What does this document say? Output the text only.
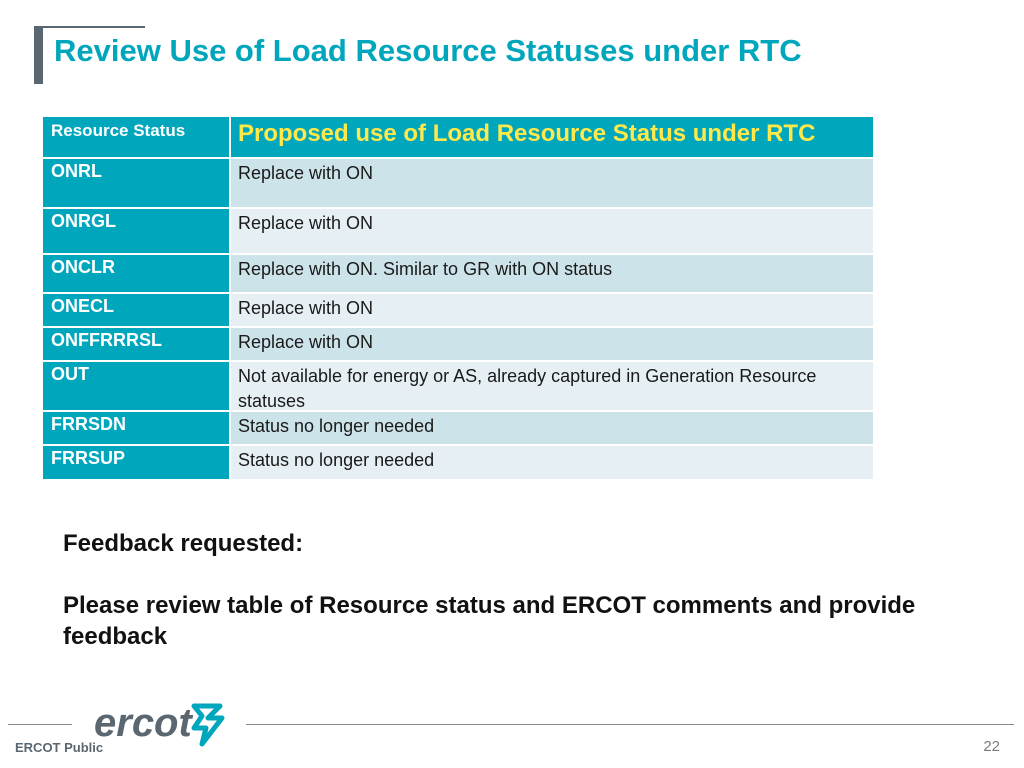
Review Use of Load Resource Statuses under RTC
Resource Status	Proposed use of Load Resource Status under RTC
ONRL	Replace with ON
ONRGL	Replace with ON
ONCLR	Replace with ON. Similar to GR with ON status
ONECL	Replace with ON
ONFFRRRSL	Replace with ON
OUT	Not available for energy or AS, already captured in Generation Resource statuses
FRRSDN	Status no longer needed
FRRSUP	Status no longer needed
Feedback requested:
Please review table of Resource status and ERCOT comments and provide feedback
ercot
ERCOT Public	22
